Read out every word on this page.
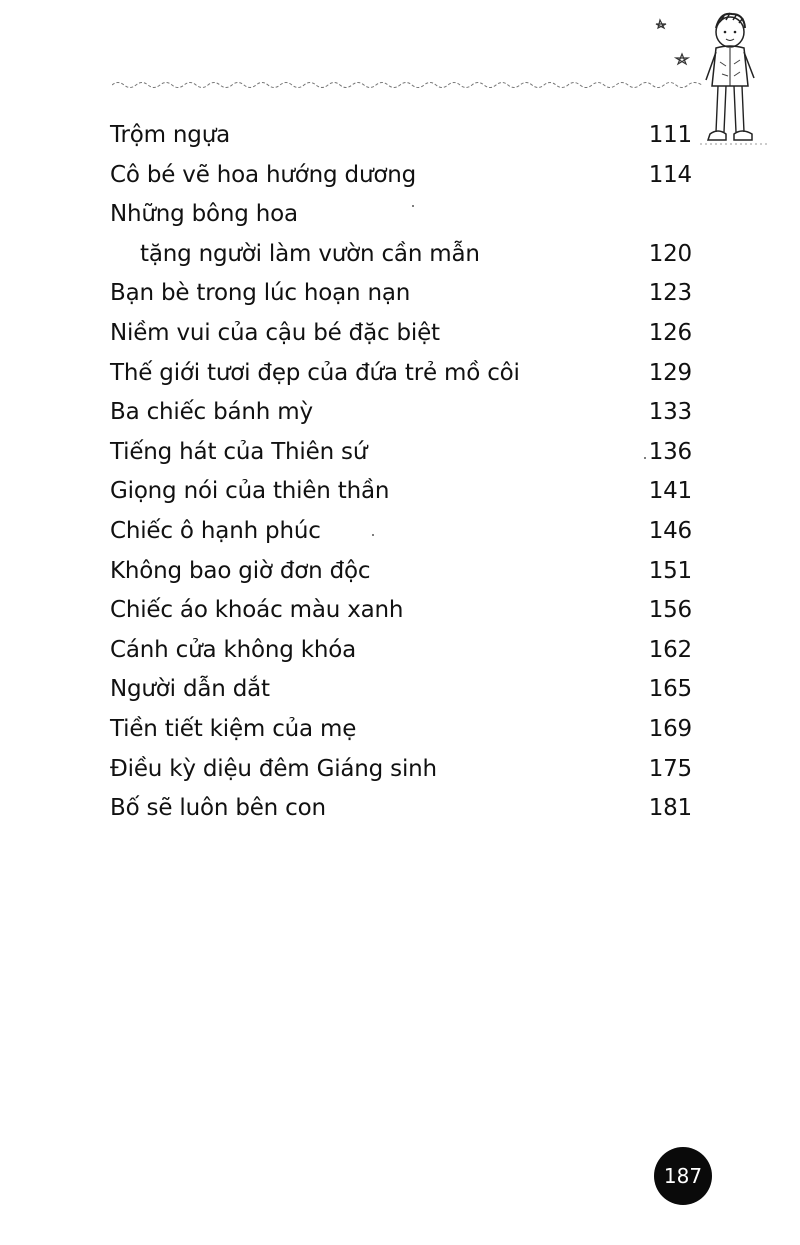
Trộm ngựa	111
Cô bé vẽ hoa hướng dương	114
Những bông hoa
tặng người làm vườn cần mẫn	120
Bạn bè trong lúc hoạn nạn	123
Niềm vui của cậu bé đặc biệt	126
Thế giới tươi đẹp của đứa trẻ mồ côi	129
Ba chiếc bánh mỳ	133
Tiếng hát của Thiên sứ	136
Giọng nói của thiên thần	141
Chiếc ô hạnh phúc	146
Không bao giờ đơn độc	151
Chiếc áo khoác màu xanh	156
Cánh cửa không khóa	162
Người dẫn dắt	165
Tiền tiết kiệm của mẹ	169
Điều kỳ diệu đêm Giáng sinh	175
Bố sẽ luôn bên con	181
187
